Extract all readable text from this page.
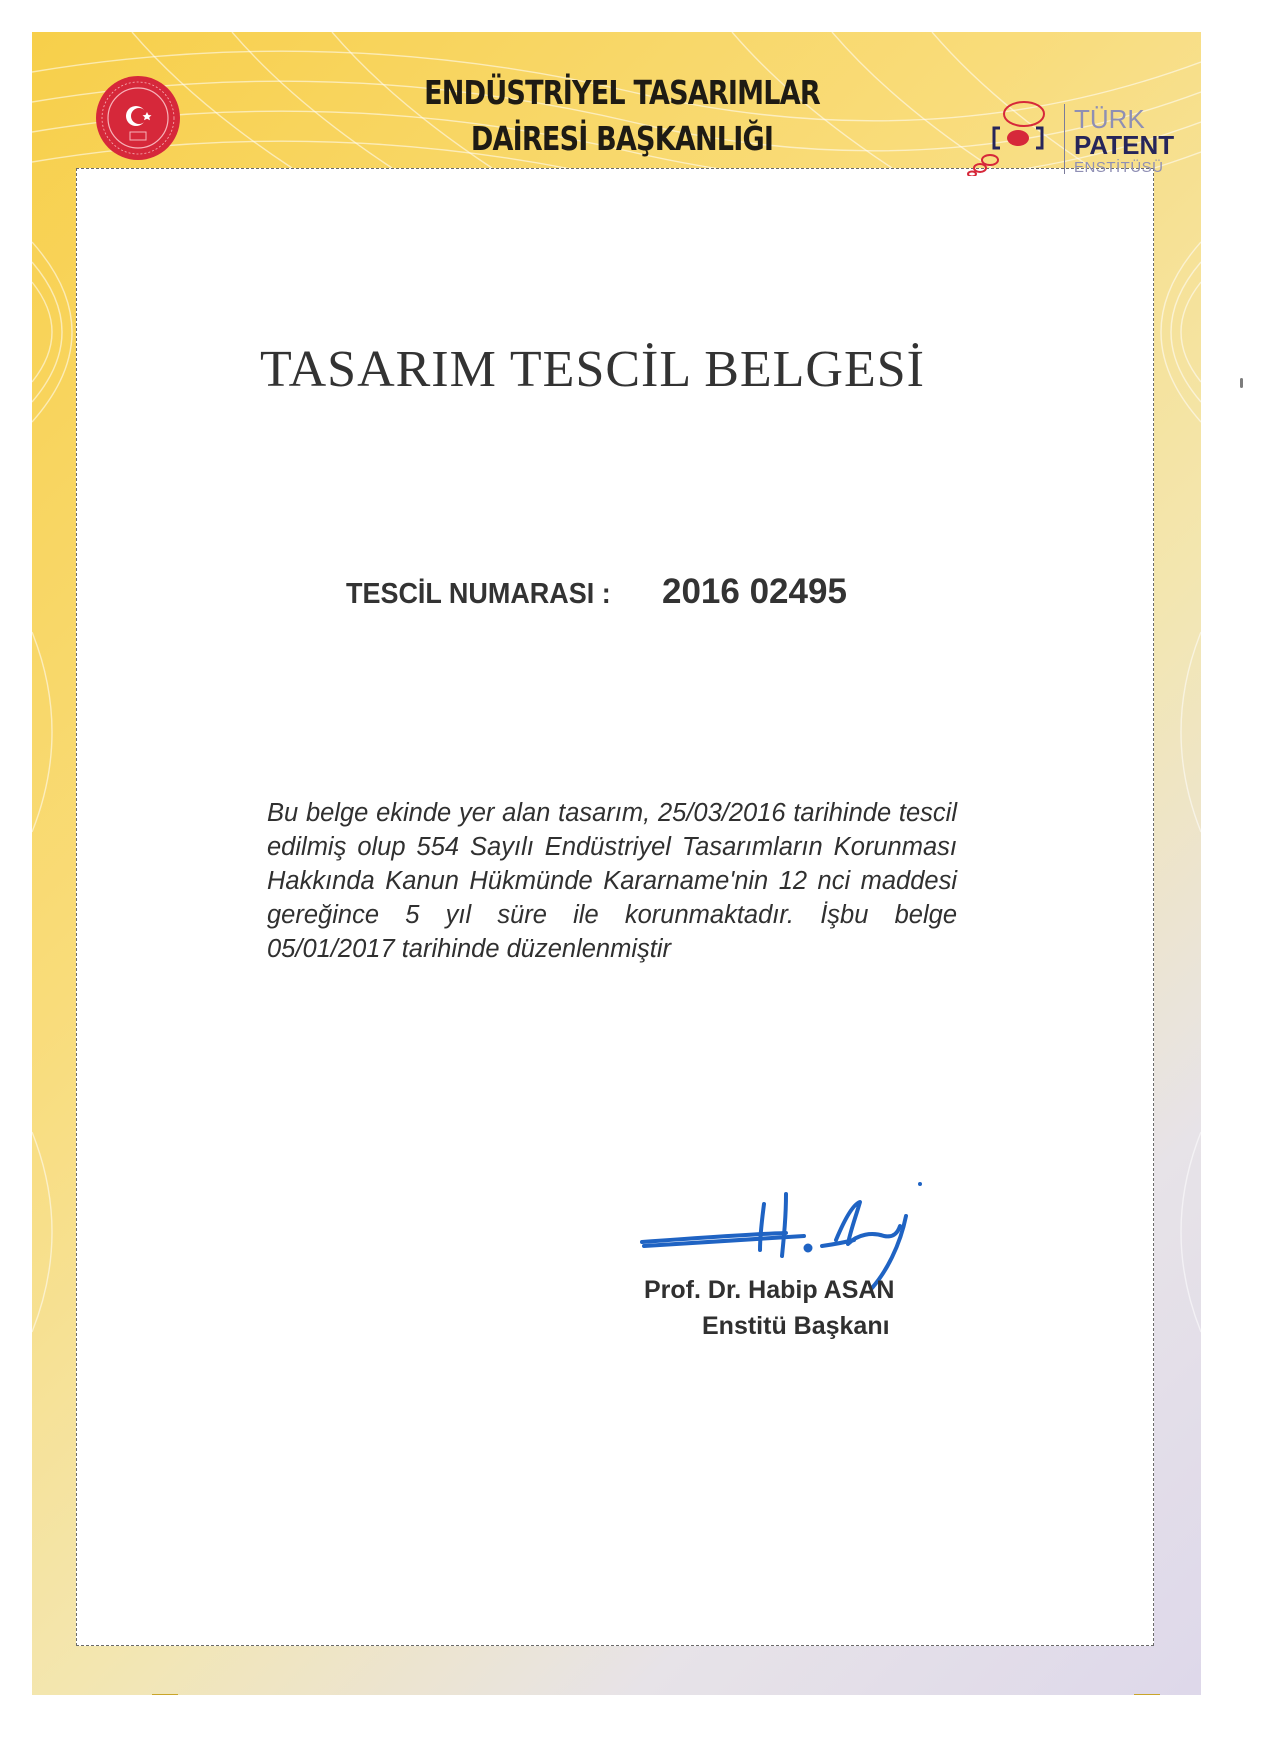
ENDÜSTRİYEL TASARIMLAR
DAİRESİ BAŞKANLIĞI	TÜRK
PATENT
ENSTİTÜSÜ
TASARIM TESCİL BELGESİ
TESCİL NUMARASI : 2016 02495
Bu belge ekinde yer alan tasarım, 25/03/2016 tarihinde tescil edilmiş olup 554 Sayılı Endüstriyel Tasarımların Korunması Hakkında Kanun Hükmünde Kararname'nin 12 nci maddesi gereğince 5 yıl süre ile korunmaktadır. İşbu belge 05/01/2017 tarihinde düzenlenmiştir
Prof. Dr. Habip ASAN
Enstitü Başkanı
